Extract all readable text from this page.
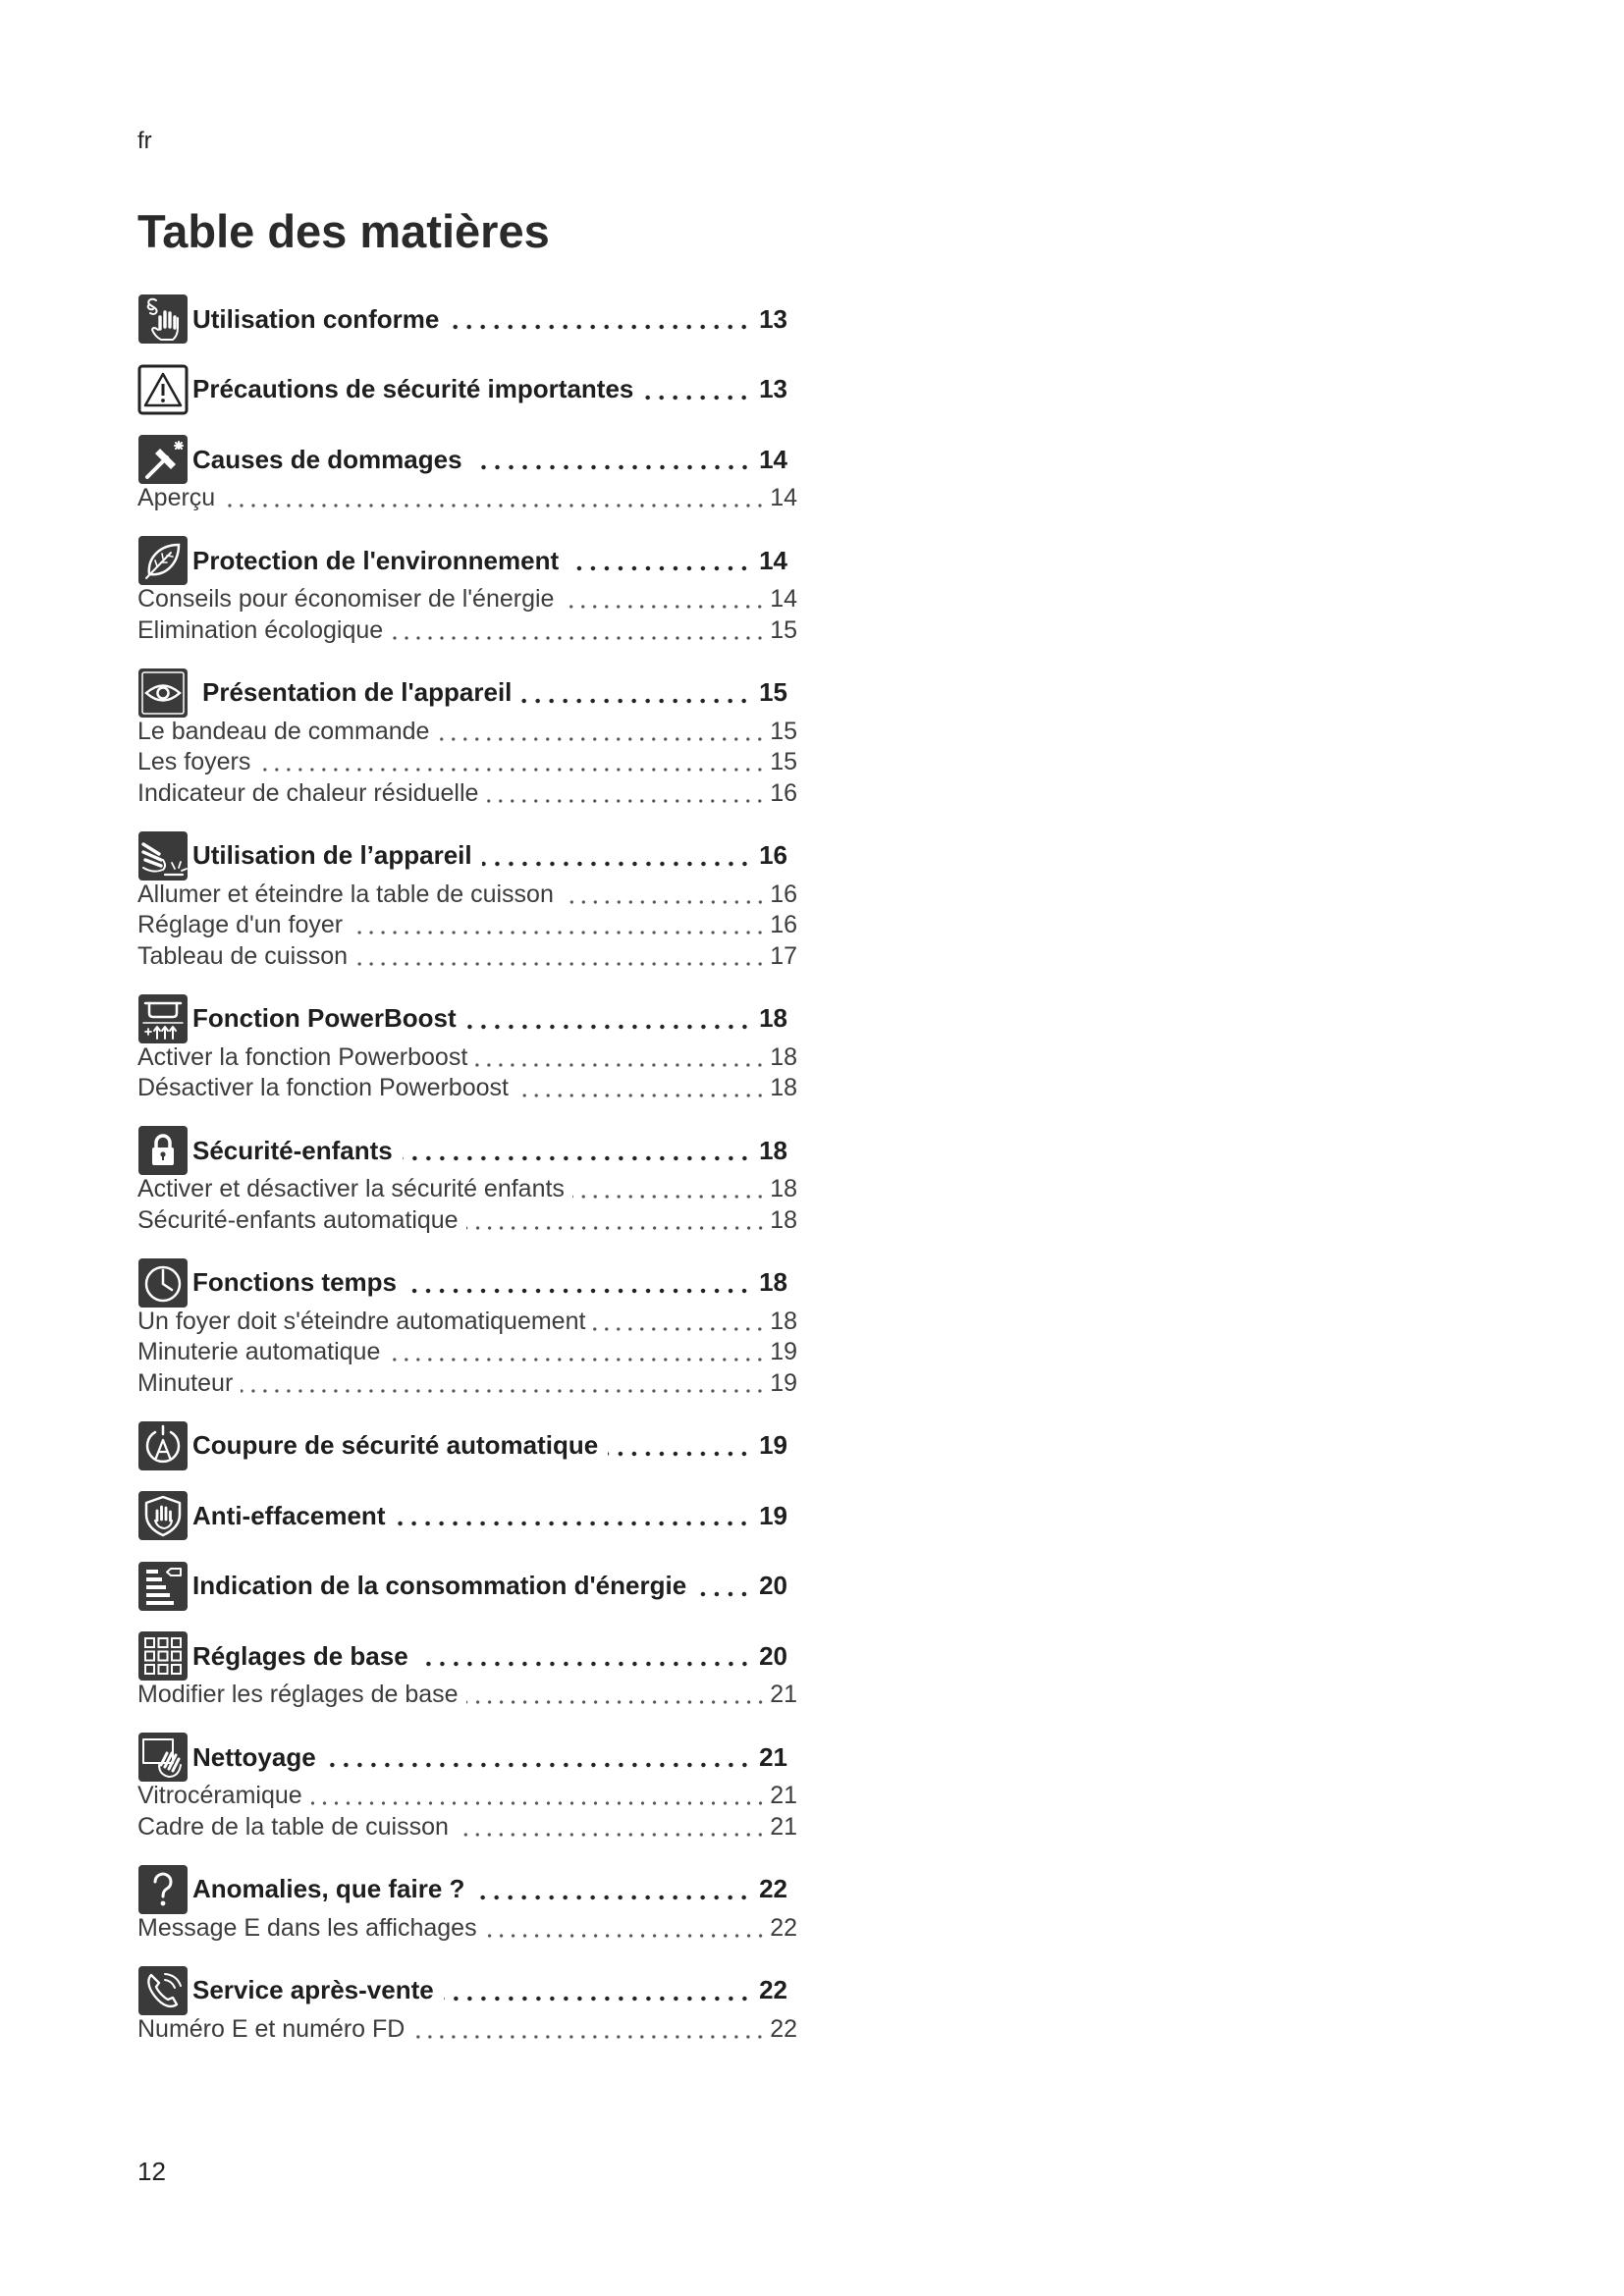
fr
Table des matières
Utilisation conforme	13
Précautions de sécurité importantes	13
Causes de dommages	14
Aperçu	14
Protection de l'environnement	14
Conseils pour économiser de l'énergie	14
Elimination écologique	15
Présentation de l'appareil	15
Le bandeau de commande	15
Les foyers	15
Indicateur de chaleur résiduelle	16
Utilisation de l’appareil	16
Allumer et éteindre la table de cuisson	16
Réglage d'un foyer	16
Tableau de cuisson	17
Fonction PowerBoost	18
Activer la fonction Powerboost	18
Désactiver la fonction Powerboost	18
Sécurité-enfants	18
Activer et désactiver la sécurité enfants	18
Sécurité-enfants automatique	18
Fonctions temps	18
Un foyer doit s'éteindre automatiquement	18
Minuterie automatique	19
Minuteur	19
Coupure de sécurité automatique	19
Anti-effacement	19
Indication de la consommation d'énergie	20
Réglages de base	20
Modifier les réglages de base	21
Nettoyage	21
Vitrocéramique	21
Cadre de la table de cuisson	21
Anomalies, que faire ?	22
Message E dans les affichages	22
Service après-vente	22
Numéro E et numéro FD	22
12
